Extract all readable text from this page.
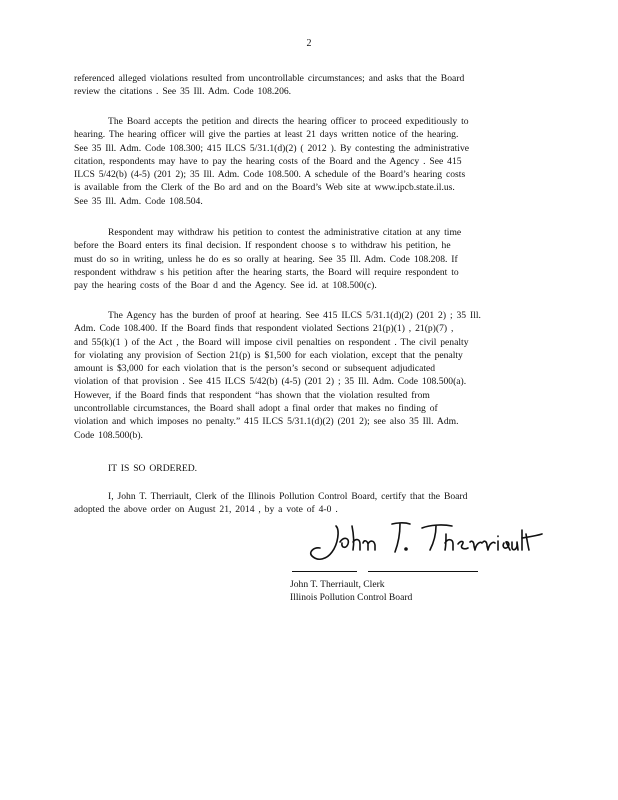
2
referenced alleged violations resulted from uncontrollable circumstances; and asks that the Board
review the citations . See 35 Ill. Adm. Code 108.206.
The Board accepts the petition and directs the hearing officer to proceed expeditiously to
hearing. The hearing officer will give the parties at least 21 days written notice of the hearing.
See 35 Ill. Adm. Code 108.300; 415 ILCS 5/31.1(d)(2) ( 2012 ). By contesting the administrative
citation, respondents may have to pay the hearing costs of the Board and the Agency . See 415
ILCS 5/42(b) (4-5) (201 2); 35 Ill. Adm. Code 108.500. A schedule of the Board’s hearing costs
is available from the Clerk of the Bo ard and on the Board’s Web site at www.ipcb.state.il.us.
See 35 Ill. Adm. Code 108.504.
Respondent may withdraw his petition to contest the administrative citation at any time
before the Board enters its final decision. If respondent choose s to withdraw his petition, he
must do so in writing, unless he do es so orally at hearing. See 35 Ill. Adm. Code 108.208. If
respondent withdraw s his petition after the hearing starts, the Board will require respondent to
pay the hearing costs of the Boar d and the Agency. See id. at 108.500(c).
The Agency has the burden of proof at hearing. See 415 ILCS 5/31.1(d)(2) (201 2) ; 35 Ill.
Adm. Code 108.400. If the Board finds that respondent violated Sections 21(p)(1) , 21(p)(7) ,
and 55(k)(1 ) of the Act , the Board will impose civil penalties on respondent . The civil penalty
for violating any provision of Section 21(p) is $1,500 for each violation, except that the penalty
amount is $3,000 for each violation that is the person’s second or subsequent adjudicated
violation of that provision . See 415 ILCS 5/42(b) (4-5) (201 2) ; 35 Ill. Adm. Code 108.500(a).
However, if the Board finds that respondent “has shown that the violation resulted from
uncontrollable circumstances, the Board shall adopt a final order that makes no finding of
violation and which imposes no penalty.” 415 ILCS 5/31.1(d)(2) (201 2); see also 35 Ill. Adm.
Code 108.500(b).
IT IS SO ORDERED.
I, John T. Therriault, Clerk of the Illinois Pollution Control Board, certify that the Board
adopted the above order on August 21, 2014 , by a vote of 4-0 .
John T. Therriault, Clerk
Illinois Pollution Control Board
